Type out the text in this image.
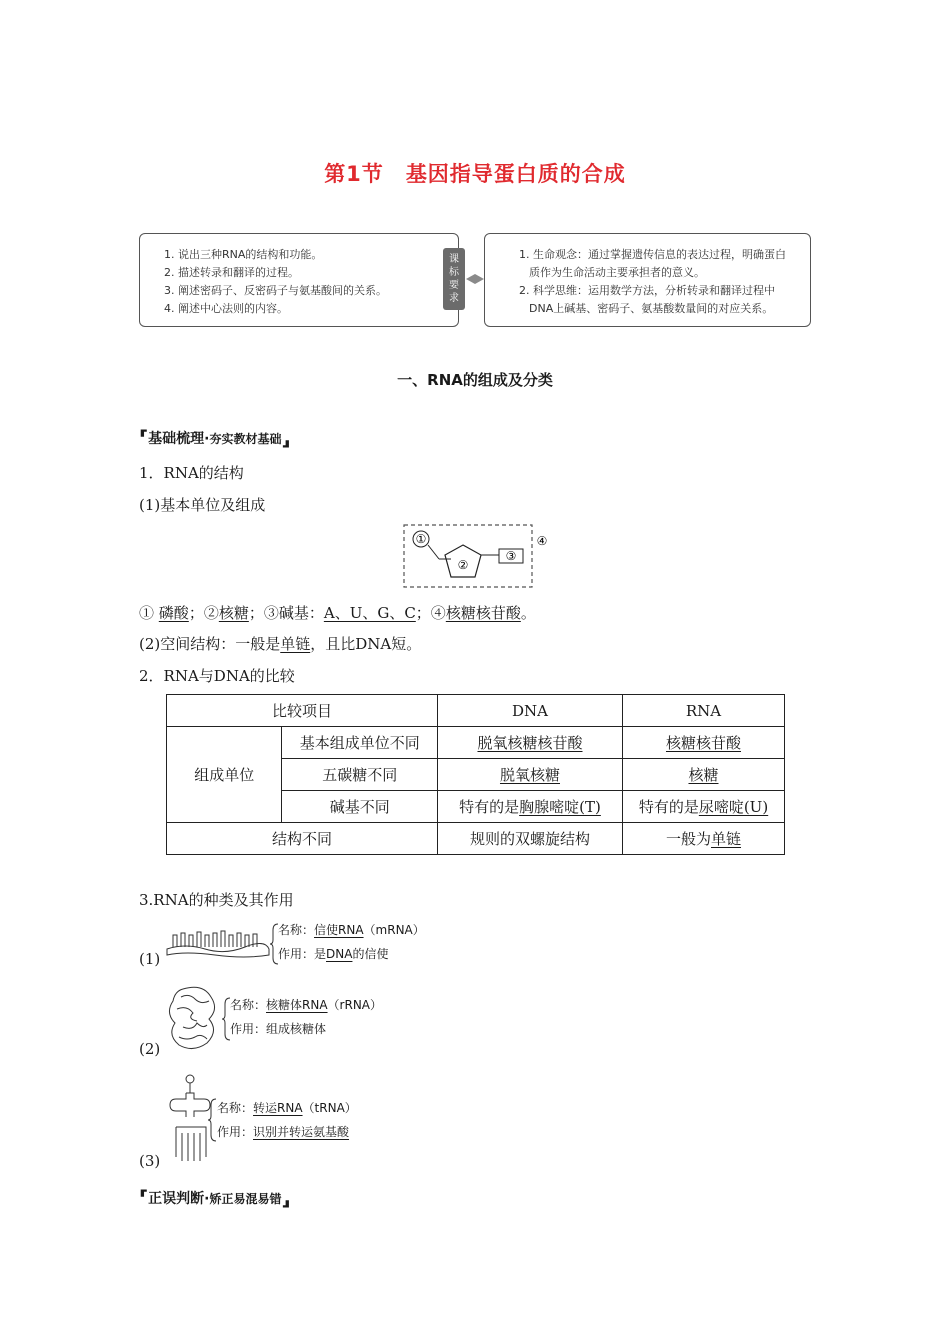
第1节 基因指导蛋白质的合成
1. 说出三种RNA的结构和功能。
2. 描述转录和翻译的过程。
3. 阐述密码子、反密码子与氨基酸间的关系。
4. 阐述中心法则的内容。
课标要求
1. 生命观念：通过掌握遗传信息的表达过程，明确蛋白
质作为生命活动主要承担者的意义。
2. 科学思维：运用数学方法，分析转录和翻译过程中
DNA上碱基、密码子、氨基酸数量间的对应关系。
一、RNA的组成及分类
⸢基础梳理·夯实教材基础⸥
1．RNA的结构
(1)基本单位及组成
①
②
③
④
① 磷酸；②核糖；③碱基：A、U、G、C；④核糖核苷酸。
(2)空间结构：一般是单链，且比DNA短。
2．RNA与DNA的比较
比较项目		DNA	RNA
组成单位	基本组成单位不同	脱氧核糖核苷酸	核糖核苷酸
	五碳糖不同	脱氧核糖	核糖
	碱基不同	特有的是胸腺嘧啶(T)	特有的是尿嘧啶(U)
结构不同		规则的双螺旋结构	一般为单链
3.RNA的种类及其作用
(1)
名称：信使RNA（mRNA）
作用：是DNA的信使
(2)
名称：核糖体RNA（rRNA）
作用：组成核糖体
(3)
名称：转运RNA（tRNA）
作用：识别并转运氨基酸
⸢正误判断·矫正易混易错⸥
